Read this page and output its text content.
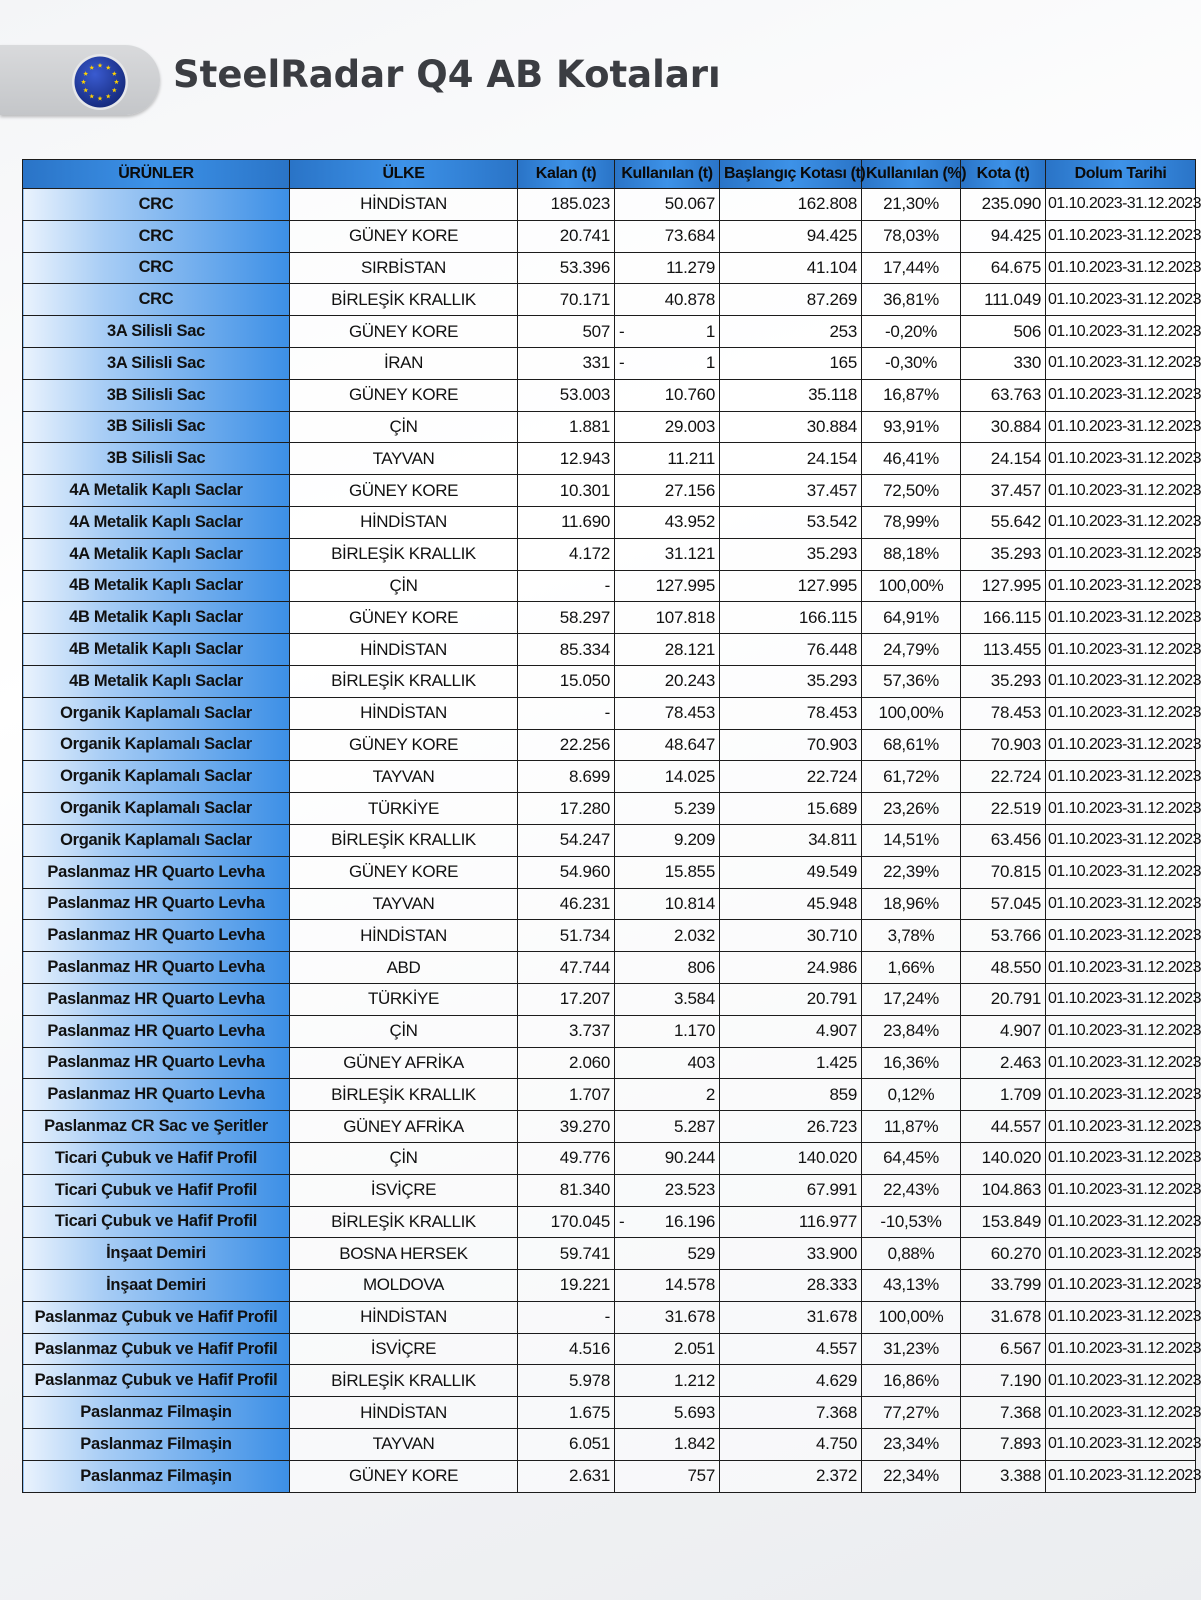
SteelRadar Q4 AB Kotaları
ÜRÜNLER	ÜLKE	Kalan (t)	Kullanılan (t)	Başlangıç Kotası (t)	Kullanılan (%)	Kota (t)	Dolum Tarihi
CRC	HİNDİSTAN	185.023	50.067	162.808	21,30%	235.090	01.10.2023-31.12.2023
CRC	GÜNEY KORE	20.741	73.684	94.425	78,03%	94.425	01.10.2023-31.12.2023
CRC	SIRBİSTAN	53.396	11.279	41.104	17,44%	64.675	01.10.2023-31.12.2023
CRC	BİRLEŞİK KRALLIK	70.171	40.878	87.269	36,81%	111.049	01.10.2023-31.12.2023
3A Silisli Sac	GÜNEY KORE	507	- 1	253	-0,20%	506	01.10.2023-31.12.2023
3A Silisli Sac	İRAN	331	- 1	165	-0,30%	330	01.10.2023-31.12.2023
3B Silisli Sac	GÜNEY KORE	53.003	10.760	35.118	16,87%	63.763	01.10.2023-31.12.2023
3B Silisli Sac	ÇİN	1.881	29.003	30.884	93,91%	30.884	01.10.2023-31.12.2023
3B Silisli Sac	TAYVAN	12.943	11.211	24.154	46,41%	24.154	01.10.2023-31.12.2023
4A Metalik Kaplı Saclar	GÜNEY KORE	10.301	27.156	37.457	72,50%	37.457	01.10.2023-31.12.2023
4A Metalik Kaplı Saclar	HİNDİSTAN	11.690	43.952	53.542	78,99%	55.642	01.10.2023-31.12.2023
4A Metalik Kaplı Saclar	BİRLEŞİK KRALLIK	4.172	31.121	35.293	88,18%	35.293	01.10.2023-31.12.2023
4B Metalik Kaplı Saclar	ÇİN	-	127.995	127.995	100,00%	127.995	01.10.2023-31.12.2023
4B Metalik Kaplı Saclar	GÜNEY KORE	58.297	107.818	166.115	64,91%	166.115	01.10.2023-31.12.2023
4B Metalik Kaplı Saclar	HİNDİSTAN	85.334	28.121	76.448	24,79%	113.455	01.10.2023-31.12.2023
4B Metalik Kaplı Saclar	BİRLEŞİK KRALLIK	15.050	20.243	35.293	57,36%	35.293	01.10.2023-31.12.2023
Organik Kaplamalı Saclar	HİNDİSTAN	-	78.453	78.453	100,00%	78.453	01.10.2023-31.12.2023
Organik Kaplamalı Saclar	GÜNEY KORE	22.256	48.647	70.903	68,61%	70.903	01.10.2023-31.12.2023
Organik Kaplamalı Saclar	TAYVAN	8.699	14.025	22.724	61,72%	22.724	01.10.2023-31.12.2023
Organik Kaplamalı Saclar	TÜRKİYE	17.280	5.239	15.689	23,26%	22.519	01.10.2023-31.12.2023
Organik Kaplamalı Saclar	BİRLEŞİK KRALLIK	54.247	9.209	34.811	14,51%	63.456	01.10.2023-31.12.2023
Paslanmaz HR Quarto Levha	GÜNEY KORE	54.960	15.855	49.549	22,39%	70.815	01.10.2023-31.12.2023
Paslanmaz HR Quarto Levha	TAYVAN	46.231	10.814	45.948	18,96%	57.045	01.10.2023-31.12.2023
Paslanmaz HR Quarto Levha	HİNDİSTAN	51.734	2.032	30.710	3,78%	53.766	01.10.2023-31.12.2023
Paslanmaz HR Quarto Levha	ABD	47.744	806	24.986	1,66%	48.550	01.10.2023-31.12.2023
Paslanmaz HR Quarto Levha	TÜRKİYE	17.207	3.584	20.791	17,24%	20.791	01.10.2023-31.12.2023
Paslanmaz HR Quarto Levha	ÇİN	3.737	1.170	4.907	23,84%	4.907	01.10.2023-31.12.2023
Paslanmaz HR Quarto Levha	GÜNEY AFRİKA	2.060	403	1.425	16,36%	2.463	01.10.2023-31.12.2023
Paslanmaz HR Quarto Levha	BİRLEŞİK KRALLIK	1.707	2	859	0,12%	1.709	01.10.2023-31.12.2023
Paslanmaz CR Sac ve Şeritler	GÜNEY AFRİKA	39.270	5.287	26.723	11,87%	44.557	01.10.2023-31.12.2023
Ticari Çubuk ve Hafif Profil	ÇİN	49.776	90.244	140.020	64,45%	140.020	01.10.2023-31.12.2023
Ticari Çubuk ve Hafif Profil	İSVİÇRE	81.340	23.523	67.991	22,43%	104.863	01.10.2023-31.12.2023
Ticari Çubuk ve Hafif Profil	BİRLEŞİK KRALLIK	170.045	- 16.196	116.977	-10,53%	153.849	01.10.2023-31.12.2023
İnşaat Demiri	BOSNA HERSEK	59.741	529	33.900	0,88%	60.270	01.10.2023-31.12.2023
İnşaat Demiri	MOLDOVA	19.221	14.578	28.333	43,13%	33.799	01.10.2023-31.12.2023
Paslanmaz Çubuk ve Hafif Profil	HİNDİSTAN	-	31.678	31.678	100,00%	31.678	01.10.2023-31.12.2023
Paslanmaz Çubuk ve Hafif Profil	İSVİÇRE	4.516	2.051	4.557	31,23%	6.567	01.10.2023-31.12.2023
Paslanmaz Çubuk ve Hafif Profil	BİRLEŞİK KRALLIK	5.978	1.212	4.629	16,86%	7.190	01.10.2023-31.12.2023
Paslanmaz Filmaşin	HİNDİSTAN	1.675	5.693	7.368	77,27%	7.368	01.10.2023-31.12.2023
Paslanmaz Filmaşin	TAYVAN	6.051	1.842	4.750	23,34%	7.893	01.10.2023-31.12.2023
Paslanmaz Filmaşin	GÜNEY KORE	2.631	757	2.372	22,34%	3.388	01.10.2023-31.12.2023
